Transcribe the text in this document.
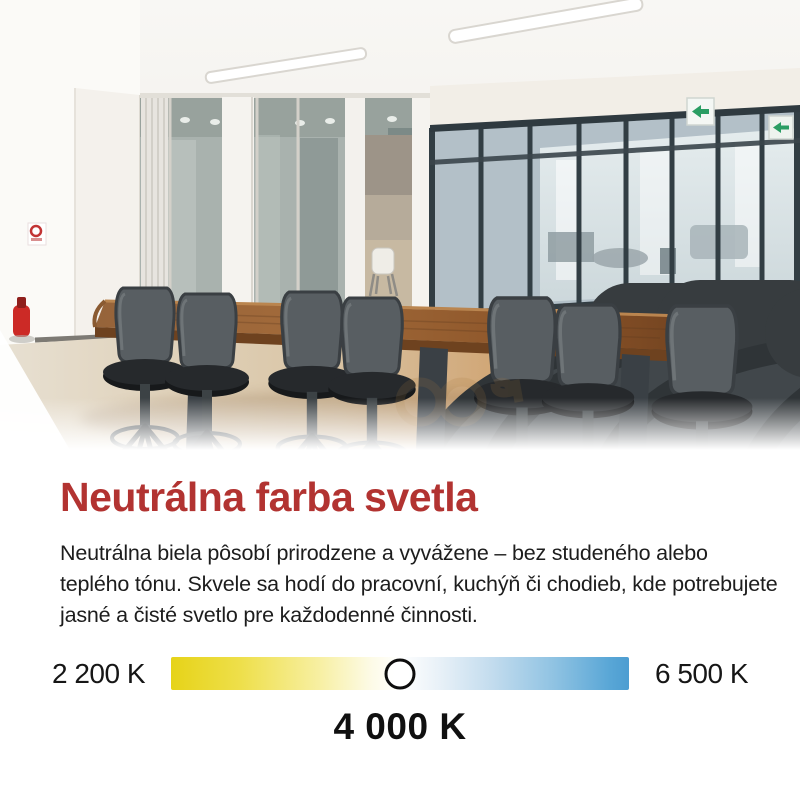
Neutrálna farba svetla
Neutrálna biela pôsobí prirodzene a vyvážene – bez studeného alebo
teplého tónu. Skvele sa hodí do pracovní, kuchýň či chodieb, kde potrebujete
jasné a čisté svetlo pre každodenné činnosti.
2 200 K	6 500 K
4 000 K
